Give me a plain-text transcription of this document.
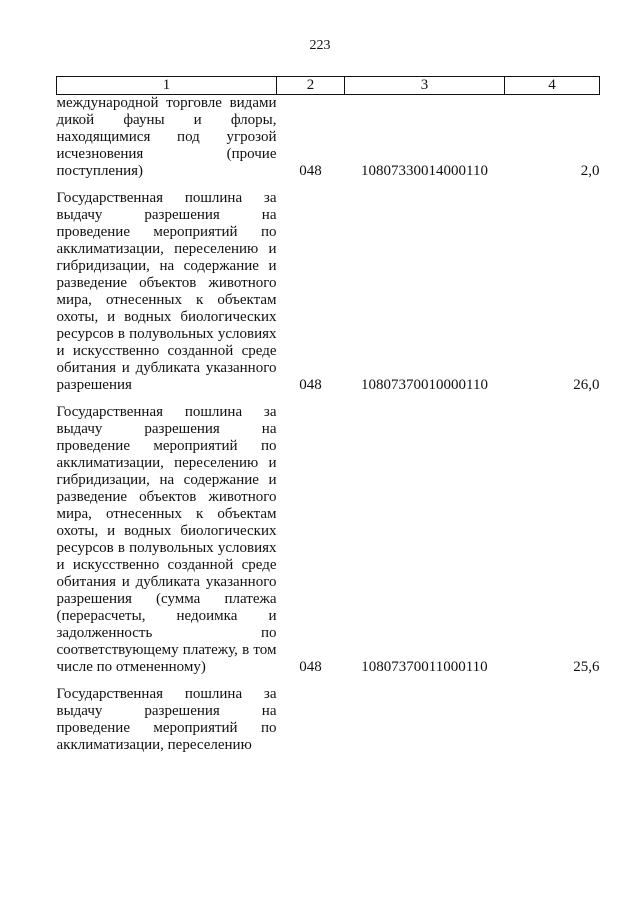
223
1	2	3	4

международной торговле видами дикой фауны и флоры, находящимися под угрозой исчезновения (прочие поступления)	048	10807330014000110	2,0

Государственная пошлина за выдачу разрешения на проведение мероприятий по акклиматизации, переселению и гибридизации, на содержание и разведение объектов животного мира, отнесенных к объектам охоты, и водных биологических ресурсов в полувольных условиях и искусственно созданной среде обитания и дубликата указанного разрешения	048	10807370010000110	26,0

Государственная пошлина за выдачу разрешения на проведение мероприятий по акклиматизации, переселению и гибридизации, на содержание и разведение объектов животного мира, отнесенных к объектам охоты, и водных биологических ресурсов в полувольных условиях и искусственно созданной среде обитания и дубликата указанного разрешения (сумма платежа (перерасчеты, недоимка и задолженность по соответствующему платежу, в том числе по отмененному)	048	10807370011000110	25,6

Государственная пошлина за выдачу разрешения на проведение мероприятий по акклиматизации, переселению			
